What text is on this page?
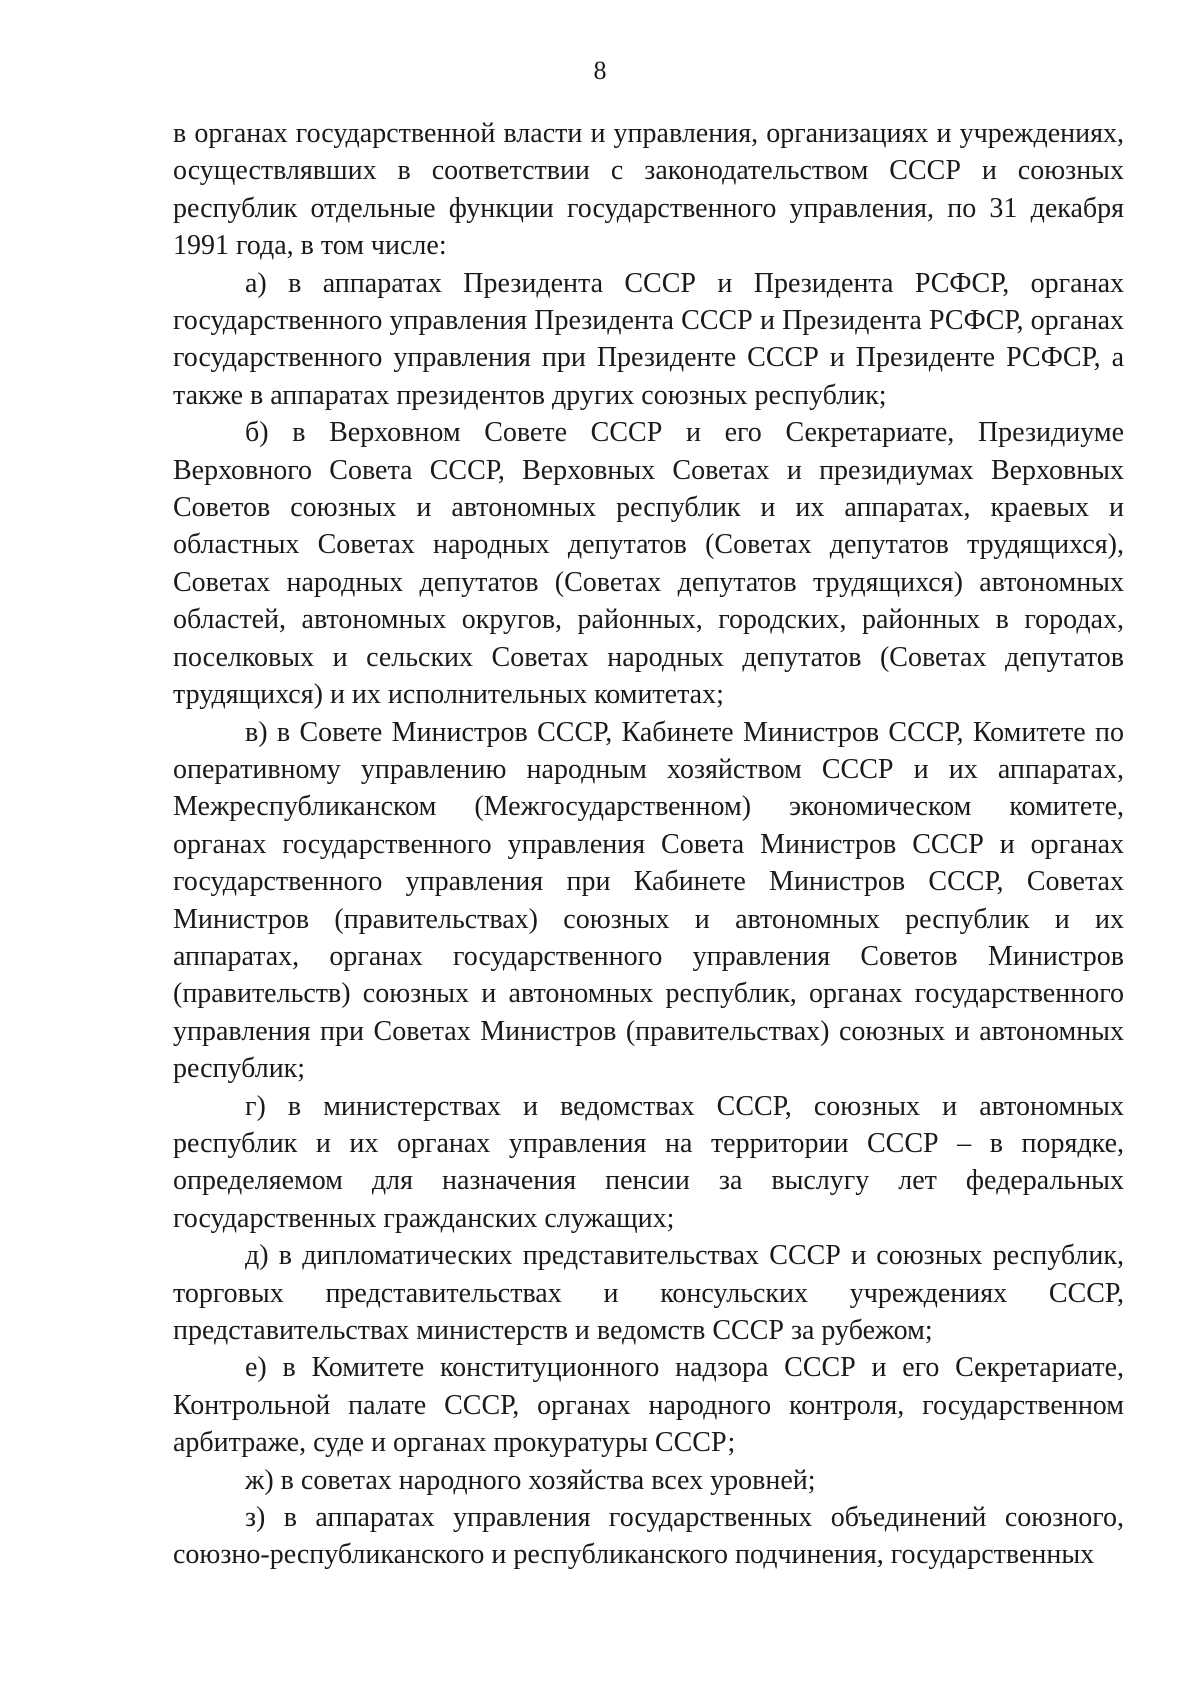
8

в органах государственной власти и управления, организациях и учреждениях, осуществлявших в соответствии с законодательством СССР и союзных республик отдельные функции государственного управления, по 31 декабря 1991 года, в том числе:

а) в аппаратах Президента СССР и Президента РСФСР, органах государственного управления Президента СССР и Президента РСФСР, органах государственного управления при Президенте СССР и Президенте РСФСР, а также в аппаратах президентов других союзных республик;

б) в Верховном Совете СССР и его Секретариате, Президиуме Верховного Совета СССР, Верховных Советах и президиумах Верховных Советов союзных и автономных республик и их аппаратах, краевых и областных Советах народных депутатов (Советах депутатов трудящихся), Советах народных депутатов (Советах депутатов трудящихся) автономных областей, автономных округов, районных, городских, районных в городах, поселковых и сельских Советах народных депутатов (Советах депутатов трудящихся) и их исполнительных комитетах;

в) в Совете Министров СССР, Кабинете Министров СССР, Комитете по оперативному управлению народным хозяйством СССР и их аппаратах, Межреспубликанском (Межгосударственном) экономическом комитете, органах государственного управления Совета Министров СССР и органах государственного управления при Кабинете Министров СССР, Советах Министров (правительствах) союзных и автономных республик и их аппаратах, органах государственного управления Советов Министров (правительств) союзных и автономных республик, органах государственного управления при Советах Министров (правительствах) союзных и автономных республик;

г) в министерствах и ведомствах СССР, союзных и автономных республик и их органах управления на территории СССР – в порядке, определяемом для назначения пенсии за выслугу лет федеральных государственных гражданских служащих;

д) в дипломатических представительствах СССР и союзных республик, торговых представительствах и консульских учреждениях СССР, представительствах министерств и ведомств СССР за рубежом;

е) в Комитете конституционного надзора СССР и его Секретариате, Контрольной палате СССР, органах народного контроля, государственном арбитраже, суде и органах прокуратуры СССР;

ж) в советах народного хозяйства всех уровней;

з) в аппаратах управления государственных объединений союзного, союзно-республиканского и республиканского подчинения, государственных
